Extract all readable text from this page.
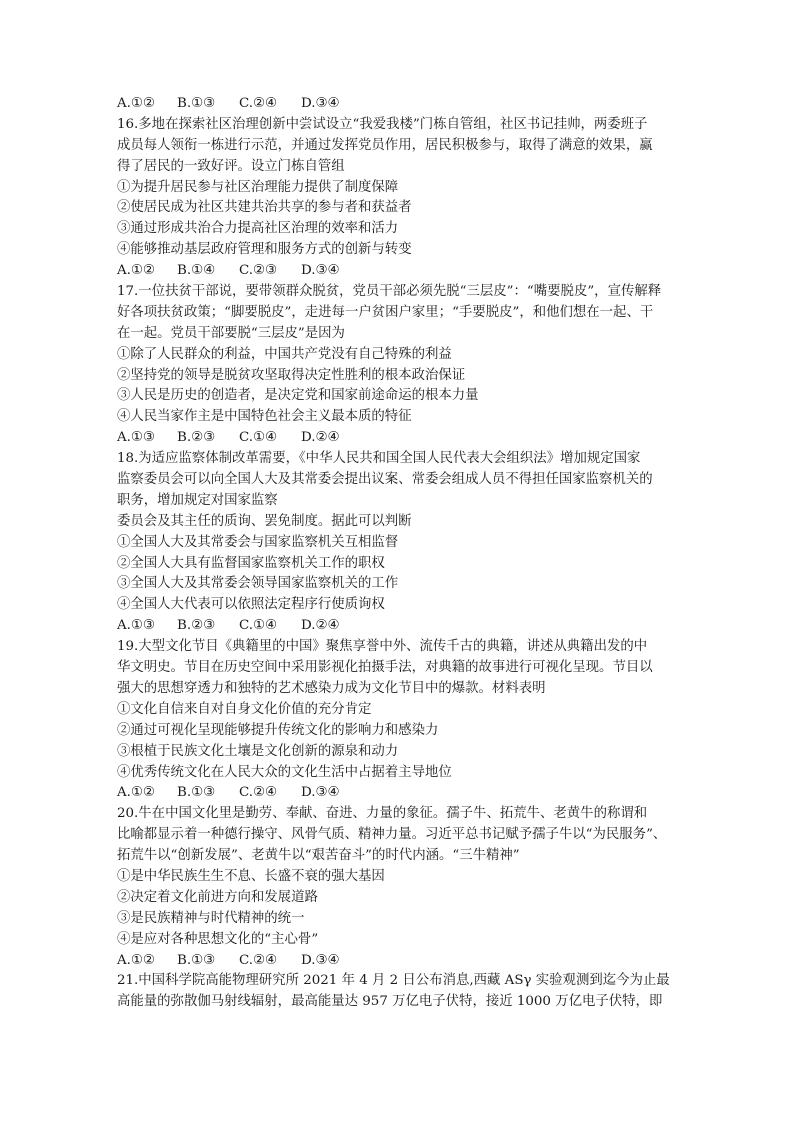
A.①②	B.①③	C.②④	D.③④
16.多地在探索社区治理创新中尝试设立“我爱我楼”门栋自管组，社区书记挂帅，两委班子
成员每人领衔一栋进行示范，并通过发挥党员作用，居民积极参与，取得了满意的效果，赢
得了居民的一致好评。设立门栋自管组
①为提升居民参与社区治理能力提供了制度保障
②使居民成为社区共建共治共享的参与者和获益者
③通过形成共治合力提高社区治理的效率和活力
④能够推动基层政府管理和服务方式的创新与转变
A.①②	B.①④	C.②③	D.③④
17.一位扶贫干部说，要带领群众脱贫，党员干部必须先脱“三层皮”：“嘴要脱皮”，宣传解释
好各项扶贫政策；“脚要脱皮”，走进每一户贫困户家里；“手要脱皮”，和他们想在一起、干
在一起。党员干部要脱“三层皮”是因为
①除了人民群众的利益，中国共产党没有自己特殊的利益
②坚持党的领导是脱贫攻坚取得决定性胜利的根本政治保证
③人民是历史的创造者，是决定党和国家前途命运的根本力量
④人民当家作主是中国特色社会主义最本质的特征
A.①③	B.②③	C.①④	D.②④
18.为适应监察体制改革需要，《中华人民共和国全国人民代表大会组织法》增加规定国家
监察委员会可以向全国人大及其常委会提出议案、常委会组成人员不得担任国家监察机关的
职务，增加规定对国家监察
委员会及其主任的质询、罢免制度。据此可以判断
①全国人大及其常委会与国家监察机关互相监督
②全国人大具有监督国家监察机关工作的职权
③全国人大及其常委会领导国家监察机关的工作
④全国人大代表可以依照法定程序行使质询权
A.①③	B.②③	C.①④	D.②④
19.大型文化节目《典籍里的中国》聚焦享誉中外、流传千古的典籍，讲述从典籍出发的中
华文明史。节目在历史空间中采用影视化拍摄手法，对典籍的故事进行可视化呈现。节目以
强大的思想穿透力和独特的艺术感染力成为文化节目中的爆款。材料表明
①文化自信来自对自身文化价值的充分肯定
②通过可视化呈现能够提升传统文化的影响力和感染力
③根植于民族文化土壤是文化创新的源泉和动力
④优秀传统文化在人民大众的文化生活中占据着主导地位
A.①②	B.①③	C.②④	D.③④
20.牛在中国文化里是勤劳、奉献、奋进、力量的象征。孺子牛、拓荒牛、老黄牛的称谓和
比喻都显示着一种德行操守、风骨气质、精神力量。习近平总书记赋予孺子牛以“为民服务”、
拓荒牛以“创新发展”、老黄牛以“艰苦奋斗”的时代内涵。“三牛精神”
①是中华民族生生不息、长盛不衰的强大基因
②决定着文化前进方向和发展道路
③是民族精神与时代精神的统一
④是应对各种思想文化的“主心骨”
A.①②	B.①③	C.②④	D.③④
21.中国科学院高能物理研究所 2021 年 4 月 2 日公布消息,西藏 ASγ 实验观测到迄今为止最
高能量的弥散伽马射线辐射，最高能量达 957 万亿电子伏特，接近 1000 万亿电子伏特，即
